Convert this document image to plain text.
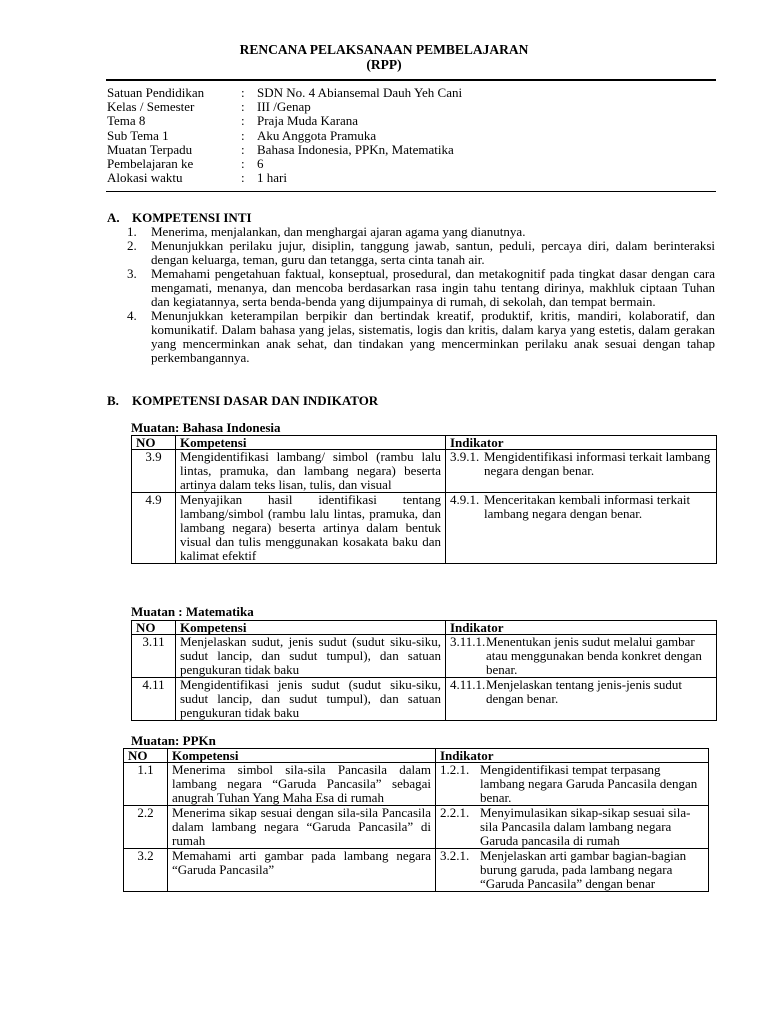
RENCANA PELAKSANAAN PEMBELAJARAN
(RPP)
Satuan Pendidikan	:	SDN No. 4 Abiansemal Dauh Yeh Cani
Kelas / Semester	:	III /Genap
Tema 8	:	Praja Muda Karana
Sub Tema 1	:	Aku Anggota Pramuka
Muatan Terpadu	:	Bahasa Indonesia, PPKn, Matematika
Pembelajaran ke	:	6
Alokasi waktu	:	1 hari
A. KOMPETENSI INTI
1. Menerima, menjalankan, dan menghargai ajaran agama yang dianutnya.
2. Menunjukkan perilaku jujur, disiplin, tanggung jawab, santun, peduli, percaya diri, dalam berinteraksi dengan keluarga, teman, guru dan tetangga, serta cinta tanah air.
3. Memahami pengetahuan faktual, konseptual, prosedural, dan metakognitif pada tingkat dasar dengan cara mengamati, menanya, dan mencoba berdasarkan rasa ingin tahu tentang dirinya, makhluk ciptaan Tuhan dan kegiatannya, serta benda-benda yang dijumpainya di rumah, di sekolah, dan tempat bermain.
4. Menunjukkan keterampilan berpikir dan bertindak kreatif, produktif, kritis, mandiri, kolaboratif, dan komunikatif. Dalam bahasa yang jelas, sistematis, logis dan kritis, dalam karya yang estetis, dalam gerakan yang mencerminkan anak sehat, dan tindakan yang mencerminkan perilaku anak sesuai dengan tahap perkembangannya.
B. KOMPETENSI DASAR DAN INDIKATOR
Muatan: Bahasa Indonesia
NO	Kompetensi	Indikator
3.9	Mengidentifikasi lambang/ simbol (rambu lalu lintas, pramuka, dan lambang negara) beserta artinya dalam teks lisan, tulis, dan visual	3.9.1. Mengidentifikasi informasi terkait lambang negara dengan benar.

4.9	Menyajikan hasil identifikasi tentang lambang/simbol (rambu lalu lintas, pramuka, dan lambang negara) beserta artinya dalam bentuk visual dan tulis menggunakan kosakata baku dan kalimat efektif	4.9.1. Menceritakan kembali informasi terkait lambang negara dengan benar.
Muatan : Matematika
NO	Kompetensi	Indikator
3.11	Menjelaskan sudut, jenis sudut (sudut siku-siku, sudut lancip, dan sudut tumpul), dan satuan pengukuran tidak baku	3.11.1. Menentukan jenis sudut melalui gambar atau menggunakan benda konkret dengan benar.

4.11	Mengidentifikasi jenis sudut (sudut siku-siku, sudut lancip, dan sudut tumpul), dan satuan pengukuran tidak baku	4.11.1. Menjelaskan tentang jenis-jenis sudut dengan benar.
Muatan: PPKn
NO	Kompetensi	Indikator
1.1	Menerima simbol sila-sila Pancasila dalam lambang negara “Garuda Pancasila” sebagai anugrah Tuhan Yang Maha Esa di rumah	1.2.1. Mengidentifikasi tempat terpasang lambang negara Garuda Pancasila dengan benar.

2.2	Menerima sikap sesuai dengan sila-sila Pancasila dalam lambang negara “Garuda Pancasila” di rumah	2.2.1. Menyimulasikan sikap-sikap sesuai sila-sila Pancasila dalam lambang negara Garuda pancasila di rumah

3.2	Memahami arti gambar pada lambang negara “Garuda Pancasila”	3.2.1. Menjelaskan arti gambar bagian-bagian burung garuda, pada lambang negara “Garuda Pancasila” dengan benar
